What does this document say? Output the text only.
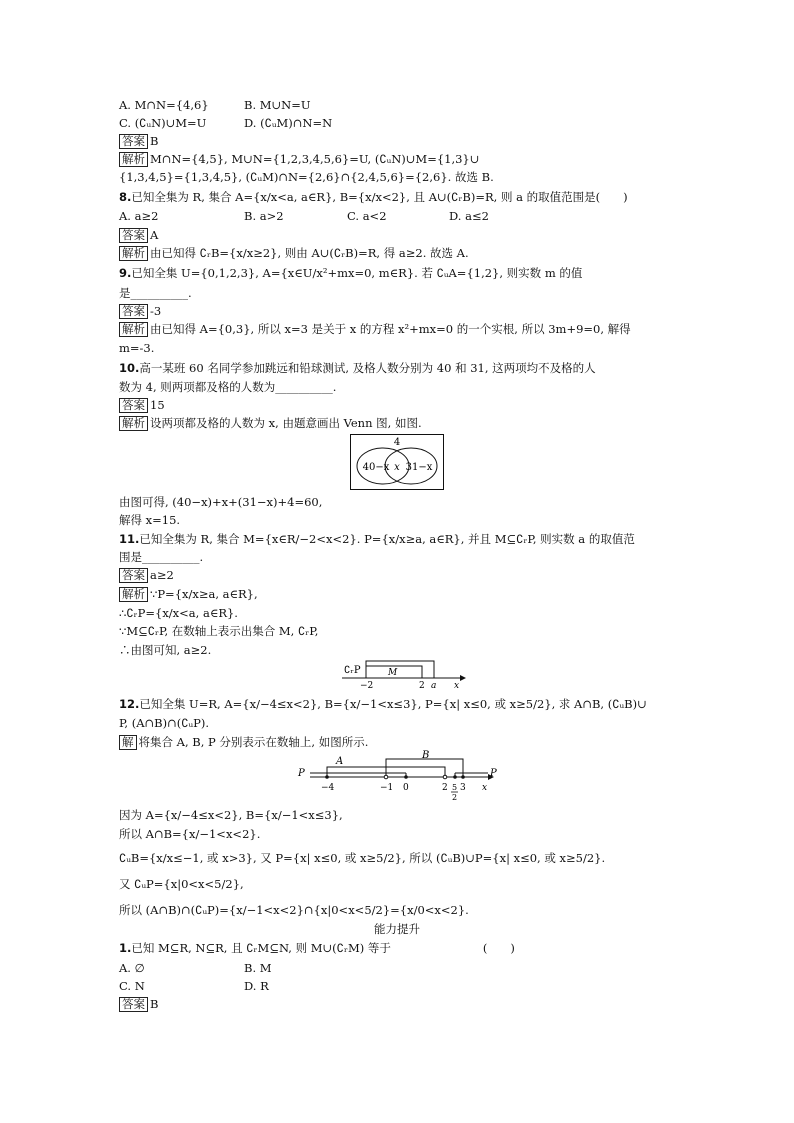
A. M∩N={4,6}	B. M∪N=U
C. (∁ᵤN)∪M=U	D. (∁ᵤM)∩N=N
答案 B
解析 M∩N={4,5}, M∪N={1,2,3,4,5,6}=U, (∁ᵤN)∪M={1,3}∪
{1,3,4,5}={1,3,4,5}, (∁ᵤM)∩N={2,6}∩{2,4,5,6}={2,6}. 故选 B.
8.已知全集为 R, 集合 A={x/x<a, a∈R}, B={x/x<2}, 且 A∪(∁ᵣB)=R, 则 a 的取值范围是(　　)
A. a≥2	B. a>2	C. a<2	D. a≤2
答案 A
解析 由已知得 ∁ᵣB={x/x≥2}, 则由 A∪(∁ᵣB)=R, 得 a≥2. 故选 A.
9.已知全集 U={0,1,2,3}, A={x∈U/x²+mx=0, m∈R}. 若 ∁ᵤA={1,2}, 则实数 m 的值
是__________.
答案 -3
解析 由已知得 A={0,3}, 所以 x=3 是关于 x 的方程 x²+mx=0 的一个实根, 所以 3m+9=0, 解得
m=-3.
10.高一某班 60 名同学参加跳远和铅球测试, 及格人数分别为 40 和 31, 这两项均不及格的人
数为 4, 则两项都及格的人数为__________.
答案 15
解析 设两项都及格的人数为 x, 由题意画出 Venn 图, 如图.
4
40−x x 31−x
由图可得, (40−x)+x+(31−x)+4=60,
解得 x=15.
11.已知全集为 R, 集合 M={x∈R/−2<x<2}. P={x/x≥a, a∈R}, 并且 M⊆∁ᵣP, 则实数 a 的取值范
围是__________.
答案 a≥2
解析 ∵P={x/x≥a, a∈R},
∴∁ᵣP={x/x<a, a∈R}.
∵M⊆∁ᵣP, 在数轴上表示出集合 M, ∁ᵣP,
∴由图可知, a≥2.
∁ᵣP	M
−2	2 a x
12.已知全集 U=R, A={x/−4≤x<2}, B={x/−1<x≤3}, P={x| x≤0, 或 x≥5/2}, 求 A∩B, (∁ᵤB)∪
P, (A∩B)∩(∁ᵤP).
解 将集合 A, B, P 分别表示在数轴上, 如图所示.
P	P
A
B
−4	−1 0	2 5
2
3 x
因为 A={x/−4≤x<2}, B={x/−1<x≤3},
所以 A∩B={x/−1<x<2}.
∁ᵤB={x/x≤−1, 或 x>3}, 又 P={x| x≤0, 或 x≥5/2}, 所以 (∁ᵤB)∪P={x| x≤0, 或 x≥5/2}.
又 ∁ᵤP={x|0<x<5/2},
所以 (A∩B)∩(∁ᵤP)={x/−1<x<2}∩{x|0<x<5/2}={x/0<x<2}.
能力提升
1.已知 M⊆R, N⊆R, 且 ∁ᵣM⊆N, 则 M∪(∁ᵣM) 等于　　　　　　　　(　　)
A. ∅	B. M
C. N	D. R
答案 B
